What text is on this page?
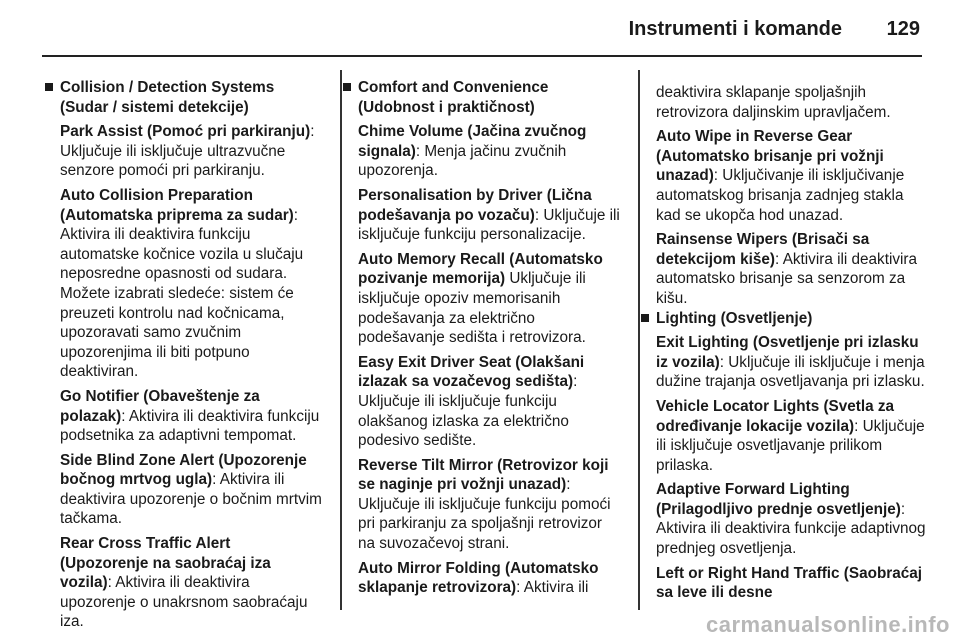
Instrumenti i komande 129
Collision / Detection Systems (Sudar / sistemi detekcije)
Park Assist (Pomoć pri parkiranju): Uključuje ili isključuje ultrazvučne senzore pomoći pri parkiranju.
Auto Collision Preparation (Automatska priprema za sudar): Aktivira ili deaktivira funkciju automatske kočnice vozila u slučaju neposredne opasnosti od sudara. Možete izabrati sledeće: sistem će preuzeti kontrolu nad kočnicama, upozoravati samo zvučnim upozorenjima ili biti potpuno deaktiviran.
Go Notifier (Obaveštenje za polazak): Aktivira ili deaktivira funkciju podsetnika za adaptivni tempomat.
Side Blind Zone Alert (Upozorenje bočnog mrtvog ugla): Aktivira ili deaktivira upozorenje o bočnim mrtvim tačkama.
Rear Cross Traffic Alert (Upozorenje na saobraćaj iza vozila): Aktivira ili deaktivira upozorenje o unakrsnom saobraćaju iza.
Comfort and Convenience (Udobnost i praktičnost)
Chime Volume (Jačina zvučnog signala): Menja jačinu zvučnih upozorenja.
Personalisation by Driver (Lična podešavanja po vozaču): Uključuje ili isključuje funkciju personalizacije.
Auto Memory Recall (Automatsko pozivanje memorija) Uključuje ili isključuje opoziv memorisanih podešavanja za električno podešavanje sedišta i retrovizora.
Easy Exit Driver Seat (Olakšani izlazak sa vozačevog sedišta): Uključuje ili isključuje funkciju olakšanog izlaska za električno podesivo sedište.
Reverse Tilt Mirror (Retrovizor koji se naginje pri vožnji unazad): Uključuje ili isključuje funkciju pomoći pri parkiranju za spoljašnji retrovizor na suvozačevoj strani.
Auto Mirror Folding (Automatsko sklapanje retrovizora): Aktivira ili
deaktivira sklapanje spoljašnjih retrovizora daljinskim upravljačem.
Auto Wipe in Reverse Gear (Automatsko brisanje pri vožnji unazad): Uključivanje ili isključivanje automatskog brisanja zadnjeg stakla kad se ukopča hod unazad.
Rainsense Wipers (Brisači sa detekcijom kiše): Aktivira ili deaktivira automatsko brisanje sa senzorom za kišu.
Lighting (Osvetljenje)
Exit Lighting (Osvetljenje pri izlasku iz vozila): Uključuje ili isključuje i menja dužine trajanja osvetljavanja pri izlasku.
Vehicle Locator Lights (Svetla za određivanje lokacije vozila): Uključuje ili isključuje osvetljavanje prilikom prilaska.
Adaptive Forward Lighting (Prilagodljivo prednje osvetljenje): Aktivira ili deaktivira funkcije adaptivnog prednjeg osvetljenja.
Left or Right Hand Traffic (Saobraćaj sa leve ili desne
carmanualsonline.info
